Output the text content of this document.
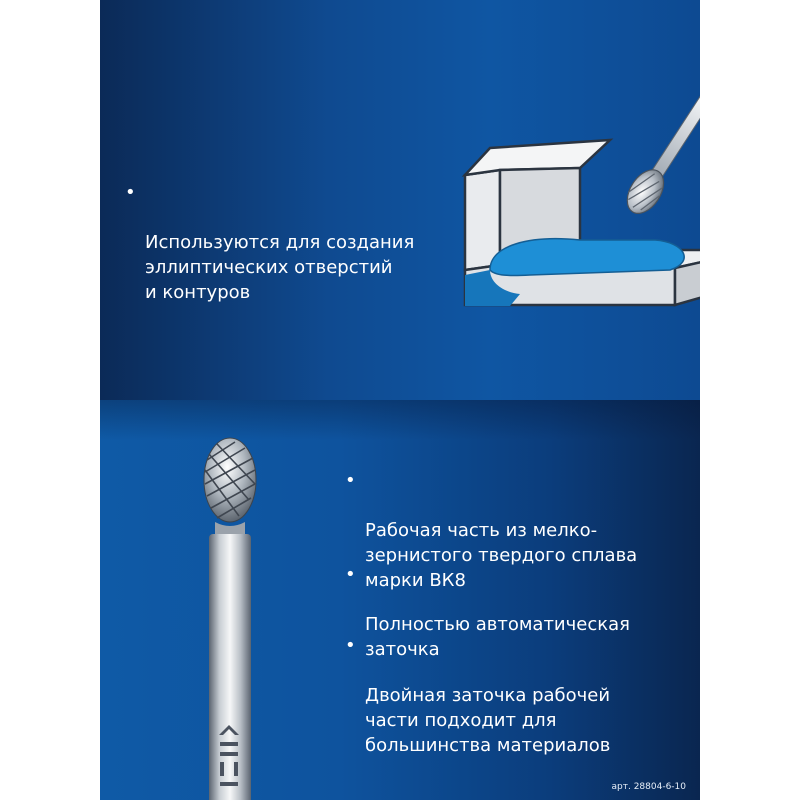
•

Используются для создания
эллиптических отверстий
и контуров

•

Рабочая часть из мелко-
зернистого твердого сплава
марки ВК8

•

Полностью автоматическая
заточка

•

Двойная заточка рабочей
части подходит для
большинства материалов

арт. 28804-6-10
